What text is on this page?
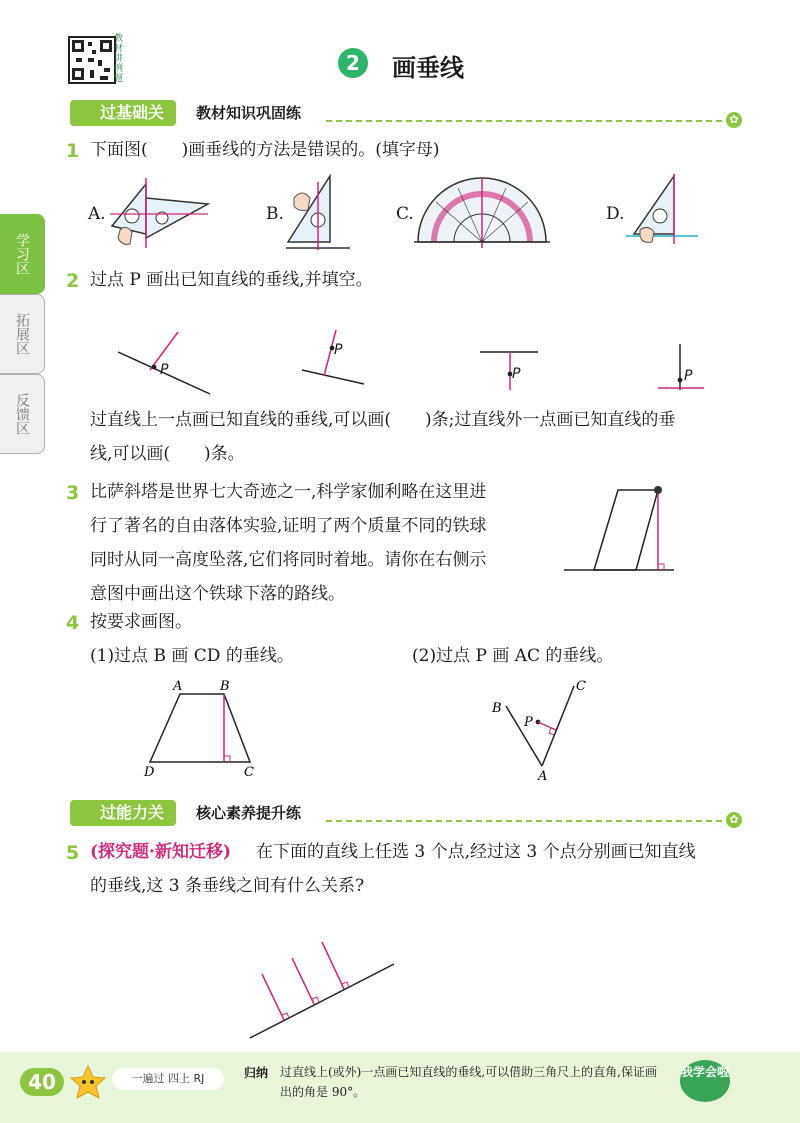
教材讲例题
2	画垂线
学习区
拓展区
反馈区
过基础关	教材知识巩固练	✿
1 下面图(　　)画垂线的方法是错误的。(填字母)
A.	B.	C.	D.
2 过点 P 画出已知直线的垂线,并填空。
P
P
P	P
过直线上一点画已知直线的垂线,可以画(　　)条;过直线外一点画已知直线的垂
线,可以画(　　)条。
3 比萨斜塔是世界七大奇迹之一,科学家伽利略在这里进
行了著名的自由落体实验,证明了两个质量不同的铁球
同时从同一高度坠落,它们将同时着地。请你在右侧示
意图中画出这个铁球下落的路线。
4 按要求画图。
(1)过点 B 画 CD 的垂线。	(2)过点 P 画 AC 的垂线。
A	B
C
D
B
C
A
P
过能力关	核心素养提升练	✿
5 (探究题·新知迁移) 在下面的直线上任选 3 个点,经过这 3 个点分别画已知直线
的垂线,这 3 条垂线之间有什么关系?
40	一遍过 四上 RJ	归纳 过直线上(或外)一点画已知直线的垂线,可以借助三角尺上的直角,保证画出的角是 90°。
我学会啦
